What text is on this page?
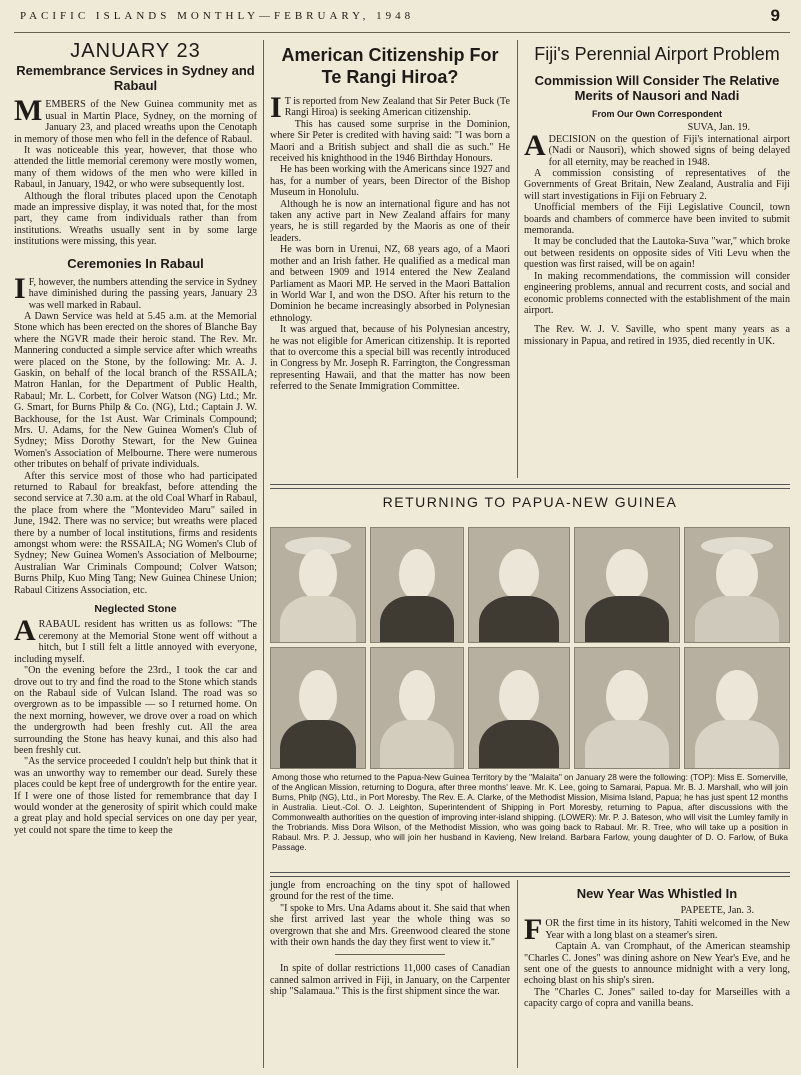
PACIFIC ISLANDS MONTHLY—FEBRUARY, 1948	9
JANUARY 23
Remembrance Services in Sydney and Rabaul

MEMBERS of the New Guinea community met as usual in Martin Place, Sydney, on the morning of January 23, and placed wreaths upon the Cenotaph in memory of those men who fell in the defence of Rabaul.

It was noticeable this year, however, that those who attended the little memorial ceremony were mostly women, many of them widows of the men who were killed in Rabaul, in January, 1942, or who were subsequently lost.

Although the floral tributes placed upon the Cenotaph made an impressive display, it was noted that, for the most part, they came from individuals rather than from institutions. Wreaths usually sent in by some large institutions were missing, this year.

Ceremonies In Rabaul

IF, however, the numbers attending the service in Sydney have diminished during the passing years, January 23 was well marked in Rabaul.

A Dawn Service was held at 5.45 a.m. at the Memorial Stone which has been erected on the shores of Blanche Bay where the NGVR made their heroic stand. The Rev. Mr. Mannering conducted a simple service after which wreaths were placed on the Stone, by the following: Mr. A. J. Gaskin, on behalf of the local branch of the RSSAILA; Matron Hanlan, for the Department of Public Health, Rabaul; Mr. L. Corbett, for Colver Watson (NG) Ltd.; Mr. G. Smart, for Burns Philp & Co. (NG), Ltd.; Captain J. W. Backhouse, for the 1st Aust. War Criminals Compound; Mrs. U. Adams, for the New Guinea Women's Club of Sydney; Miss Dorothy Stewart, for the New Guinea Women's Association of Melbourne. There were numerous other tributes on behalf of private individuals.

After this service most of those who had participated returned to Rabaul for breakfast, before attending the second service at 7.30 a.m. at the old Coal Wharf in Rabaul, the place from where the "Montevideo Maru" sailed in June, 1942. There was no service; but wreaths were placed there by a number of local institutions, firms and residents amongst whom were: the RSSAILA; NG Women's Club of Sydney; New Guinea Women's Association of Melbourne; Australian War Criminals Compound; Colver Watson; Burns Philp, Kuo Ming Tang; New Guinea Chinese Union; Rabaul Citizens Association, etc.

Neglected Stone

ARABAUL resident has written us as follows: "The ceremony at the Memorial Stone went off without a hitch, but I still felt a little annoyed with everyone, including myself.

"On the evening before the 23rd., I took the car and drove out to try and find the road to the Stone which stands on the Rabaul side of Vulcan Island. The road was so overgrown as to be impassible — so I returned home. On the next morning, however, we drove over a road on which the undergrowth had been freshly cut. All the area surrounding the Stone has heavy kunai, and this also had been freshly cut.

"As the service proceeded I couldn't help but think that it was an unworthy way to remember our dead. Surely these places could be kept free of undergrowth for the entire year. If I were one of those listed for remembrance that day I would wonder at the generosity of spirit which could make a great play and hold special services on one day per year, yet could not spare the time to keep the

American Citizenship For Te Rangi Hiroa?

IT is reported from New Zealand that Sir Peter Buck (Te Rangi Hiroa) is seeking American citizenship.

This has caused some surprise in the Dominion, where Sir Peter is credited with having said: "I was born a Maori and a British subject and shall die as such." He received his knighthood in the 1946 Birthday Honours.

He has been working with the Americans since 1927 and has, for a number of years, been Director of the Bishop Museum in Honolulu.

Although he is now an international figure and has not taken any active part in New Zealand affairs for many years, he is still regarded by the Maoris as one of their leaders.

He was born in Urenui, NZ, 68 years ago, of a Maori mother and an Irish father. He qualified as a medical man and between 1909 and 1914 entered the New Zealand Parliament as Maori MP. He served in the Maori Battalion in World War I, and won the DSO. After his return to the Dominion he became increasingly absorbed in Polynesian ethnology.

It was argued that, because of his Polynesian ancestry, he was not eligible for American citizenship. It is reported that to overcome this a special bill was recently introduced in Congress by Mr. Joseph R. Farrington, the Congressman representing Hawaii, and that the matter has now been referred to the Senate Immigration Committee.

Fiji's Perennial Airport Problem
Commission Will Consider The Relative Merits of Nausori and Nadi
From Our Own Correspondent
SUVA, Jan. 19.

ADECISION on the question of Fiji's international airport (Nadi or Nausori), which showed signs of being delayed for all eternity, may be reached in 1948.

A commission consisting of representatives of the Governments of Great Britain, New Zealand, Australia and Fiji will start investigations in Fiji on February 2.

Unofficial members of the Fiji Legislative Council, town boards and chambers of commerce have been invited to submit memoranda.

It may be concluded that the Lautoka-Suva "war," which broke out between residents on opposite sides of Viti Levu when the question was first raised, will be on again!

In making recommendations, the commission will consider engineering problems, annual and recurrent costs, and social and economic problems connected with the establishment of the main airport.

The Rev. W. J. V. Saville, who spent many years as a missionary in Papua, and retired in 1935, died recently in UK.

RETURNING TO PAPUA-NEW GUINEA
Among those who returned to the Papua-New Guinea Territory by the "Malaita" on January 28 were the following: (TOP): Miss E. Somerville, of the Anglican Mission, returning to Dogura, after three months' leave. Mr. K. Lee, going to Samarai, Papua. Mr. B. J. Marshall, who will join Burns, Philp (NG), Ltd., in Port Moresby. The Rev. E. A. Clarke, of the Methodist Mission, Misima Island, Papua; he has just spent 12 months in Australia. Lieut.-Col. O. J. Leighton, Superintendent of Shipping in Port Moresby, returning to Papua, after discussions with the Commonwealth authorities on the question of improving inter-island shipping. (LOWER): Mr. P. J. Bateson, who will visit the Lumley family in the Trobriands. Miss Dora Wilson, of the Methodist Mission, who was going back to Rabaul. Mr. R. Tree, who will take up a position in Rabaul. Mrs. P. J. Jessup, who will join her husband in Kavieng, New Ireland. Barbara Farlow, young daughter of D. O. Farlow, of Buka Passage.

jungle from encroaching on the tiny spot of hallowed ground for the rest of the time.

"I spoke to Mrs. Una Adams about it. She said that when she first arrived last year the whole thing was so overgrown that she and Mrs. Greenwood cleared the stone with their own hands the day they first went to view it."

In spite of dollar restrictions 11,000 cases of Canadian canned salmon arrived in Fiji, in January, on the Carpenter ship "Salamaua." This is the first shipment since the war.

New Year Was Whistled In
PAPEETE, Jan. 3.

FOR the first time in its history, Tahiti welcomed in the New Year with a long blast on a steamer's siren.

Captain A. van Cromphaut, of the American steamship "Charles C. Jones" was dining ashore on New Year's Eve, and he sent one of the guests to announce midnight with a very long, echoing blast on his ship's siren.

The "Charles C. Jones" sailed to-day for Marseilles with a capacity cargo of copra and vanilla beans.
